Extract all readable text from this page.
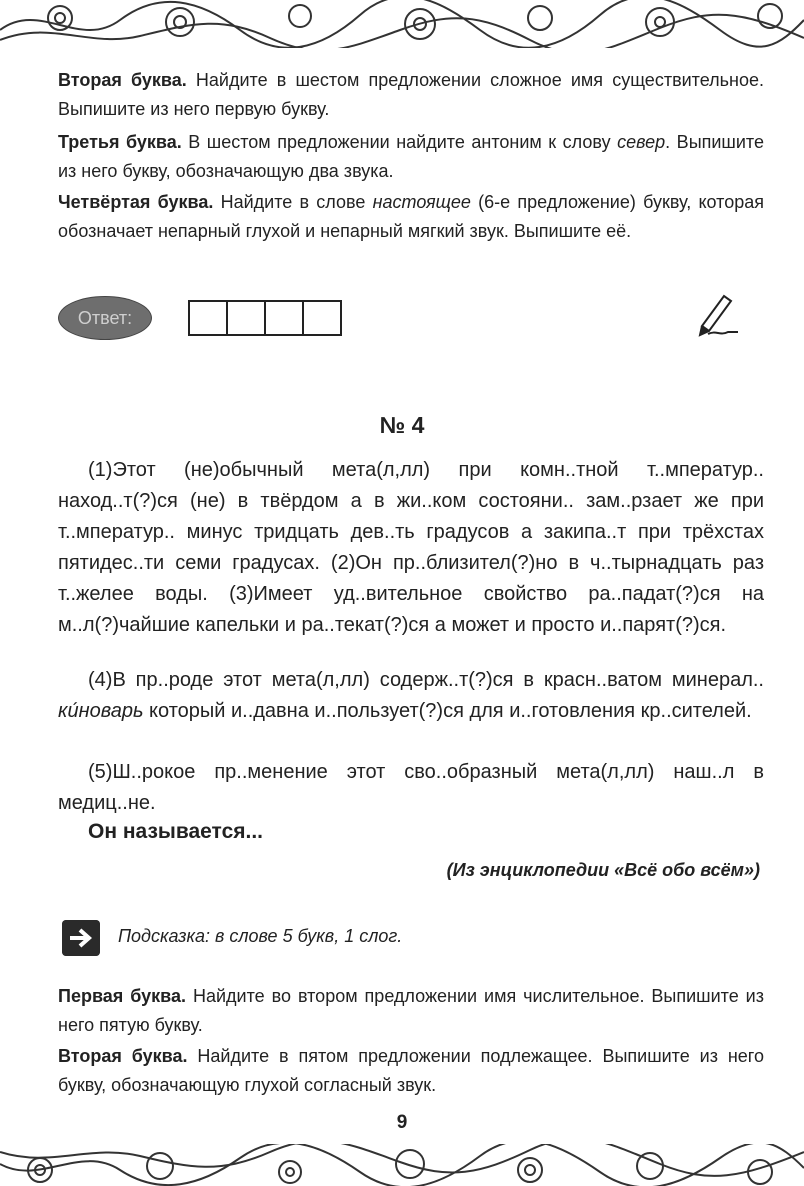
Вторая буква. Найдите в шестом предложении сложное имя существительное. Выпишите из него первую букву.

Третья буква. В шестом предложении найдите антоним к слову север. Выпишите из него букву, обозначающую два звука.

Четвёртая буква. Найдите в слове настоящее (6-е предложение) букву, которая обозначает непарный глухой и непарный мягкий звук. Выпишите её.

Ответ:

№ 4

(1)Этот (не)обычный мета(л,лл) при комн..тной т..мператур.. наход..т(?)ся (не) в твёрдом а в жи..ком состояни.. зам..рзает же при т..мператур.. минус тридцать дев..ть градусов а закипа..т при трёхстах пятидес..ти семи градусах. (2)Он пр..близител(?)но в ч..тырнадцать раз т..желее воды. (3)Имеет уд..вительное свойство ра..падат(?)ся на м..л(?)чайшие капельки и ра..текат(?)ся а может и просто и..парят(?)ся.

(4)В пр..роде этот мета(л,лл) содерж..т(?)ся в красн..ватом минерал.. ки́новарь который и..давна и..пользует(?)ся для и..готовления кр..сителей.

(5)Ш..рокое пр..менение этот сво..образный мета(л,лл) наш..л в медиц..не.

Он называется...

(Из энциклопедии «Всё обо всём»)

Подсказка: в слове 5 букв, 1 слог.

Первая буква. Найдите во втором предложении имя числительное. Выпишите из него пятую букву.

Вторая буква. Найдите в пятом предложении подлежащее. Выпишите из него букву, обозначающую глухой согласный звук.

9
